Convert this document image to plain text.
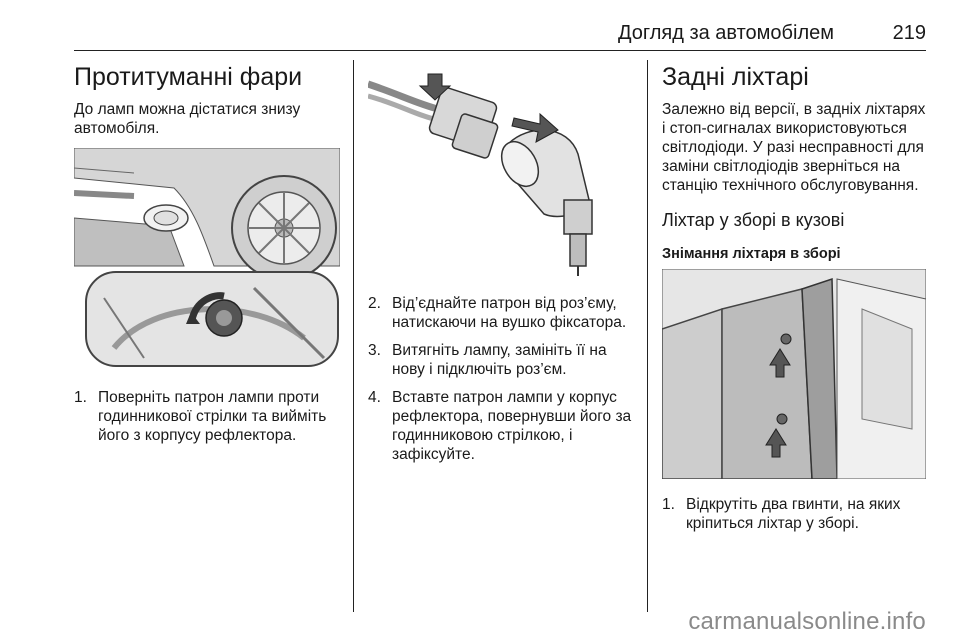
Догляд за автомобілем	219
Протитуманні фари

До ламп можна дістатися знизу автомобіля.

1. Поверніть патрон лампи проти годинникової стрілки та вийміть його з корпусу рефлектора.
2. Від’єднайте патрон від роз’єму, натискаючи на вушко фіксатора.
3. Витягніть лампу, замініть її на нову і підключіть роз’єм.
4. Вставте патрон лампи у корпус рефлектора, повернувши його за годинниковою стрілкою, і зафіксуйте.
Задні ліхтарі

Залежно від версії, в задніх ліхтарях і стоп-сигналах використовуються світлодіоди. У разі несправності для заміни світлодіодів зверніться на станцію технічного обслуговування.

Ліхтар у зборі в кузові
Знімання ліхтаря в зборі
1. Відкрутіть два гвинти, на яких кріпиться ліхтар у зборі.
carmanualsonline.info
